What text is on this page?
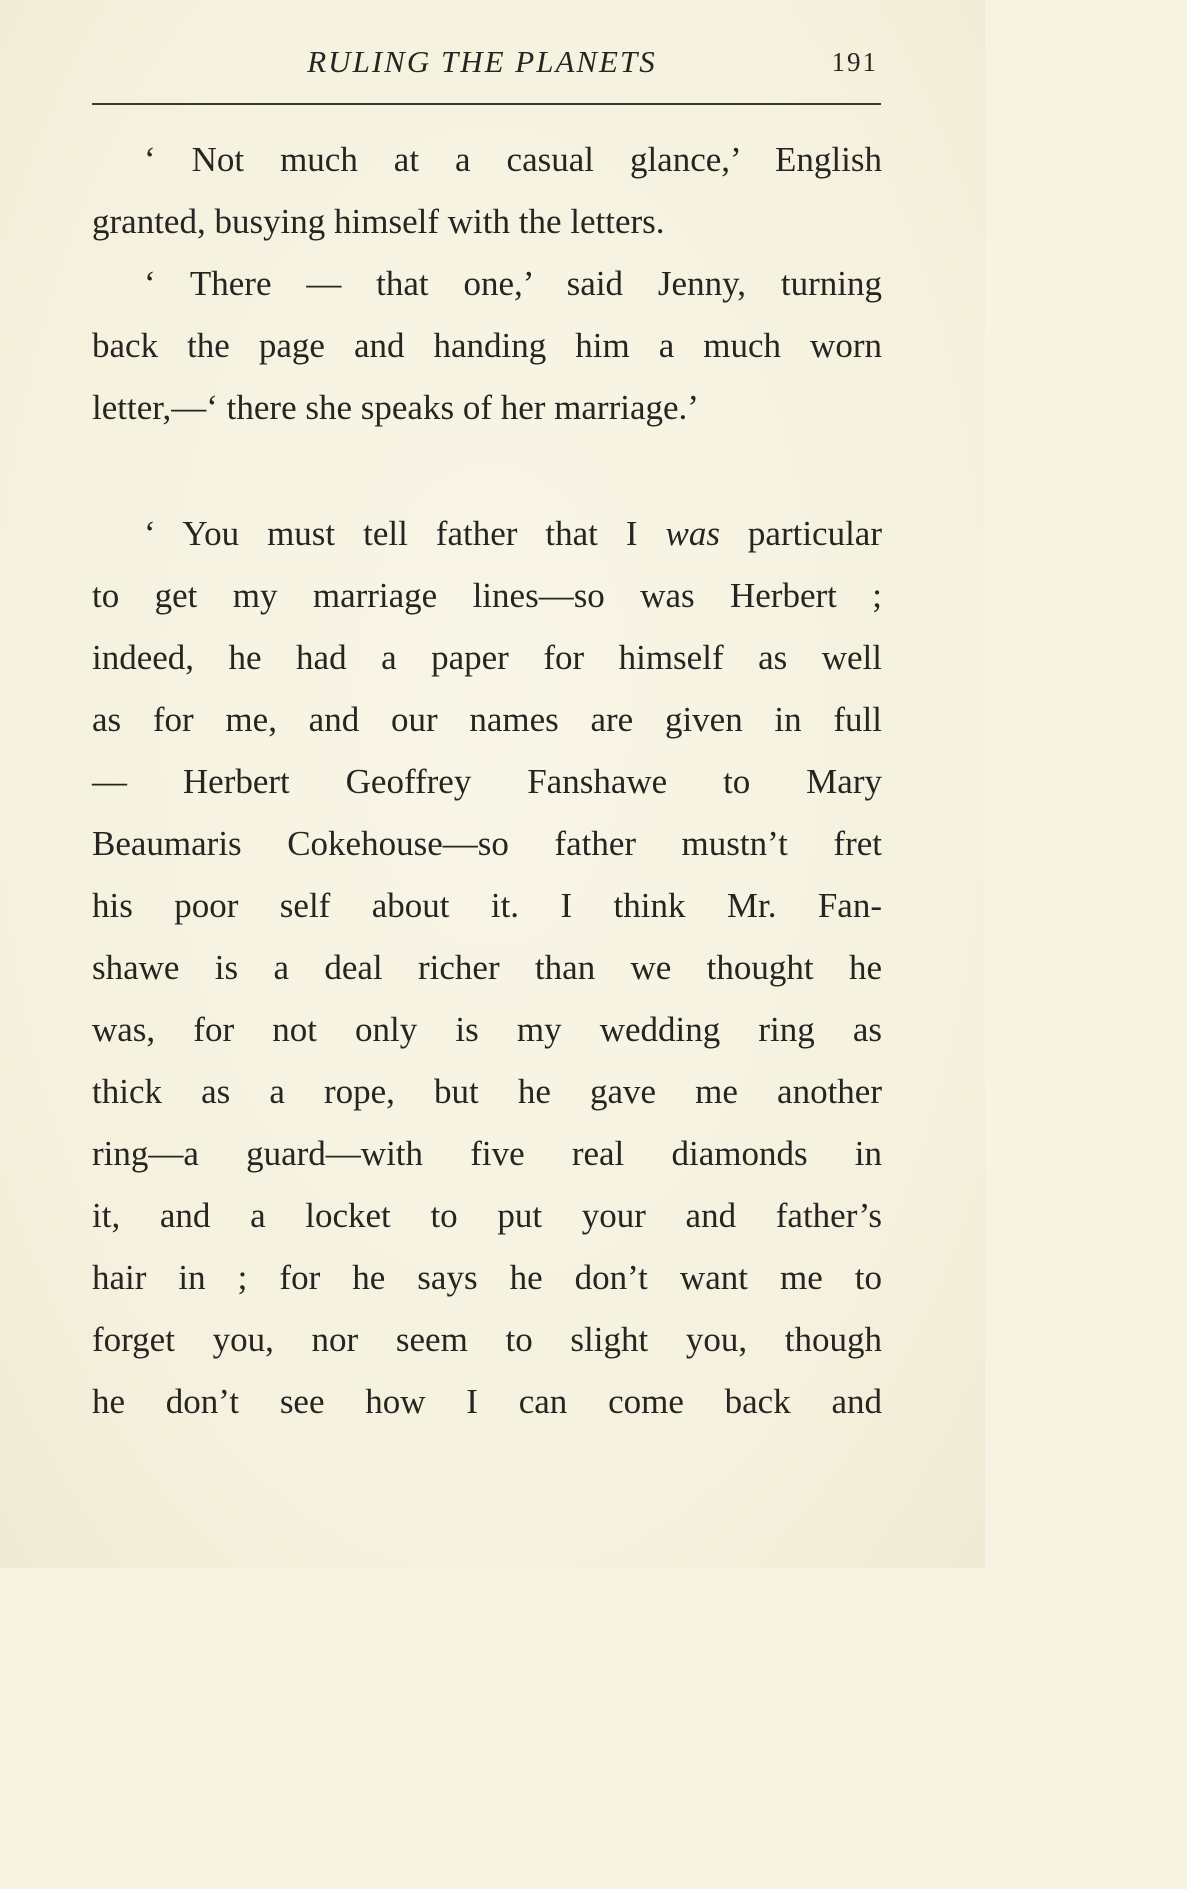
RULING THE PLANETS	191
‘ Not much at a casual glance,’ English
granted, busying himself with the letters.
‘ There — that one,’ said Jenny, turning
back the page and handing him a much worn
letter,—‘ there she speaks of her marriage.’
‘ You must tell father that I was particular
to get my marriage lines—so was Herbert ;
indeed, he had a paper for himself as well
as for me, and our names are given in full
— Herbert Geoffrey Fanshawe to Mary
Beaumaris Cokehouse—so father mustn’t fret
his poor self about it. I think Mr. Fan-
shawe is a deal richer than we thought he
was, for not only is my wedding ring as
thick as a rope, but he gave me another
ring—a guard—with five real diamonds in
it, and a locket to put your and father’s
hair in ; for he says he don’t want me to
forget you, nor seem to slight you, though
he don’t see how I can come back and
